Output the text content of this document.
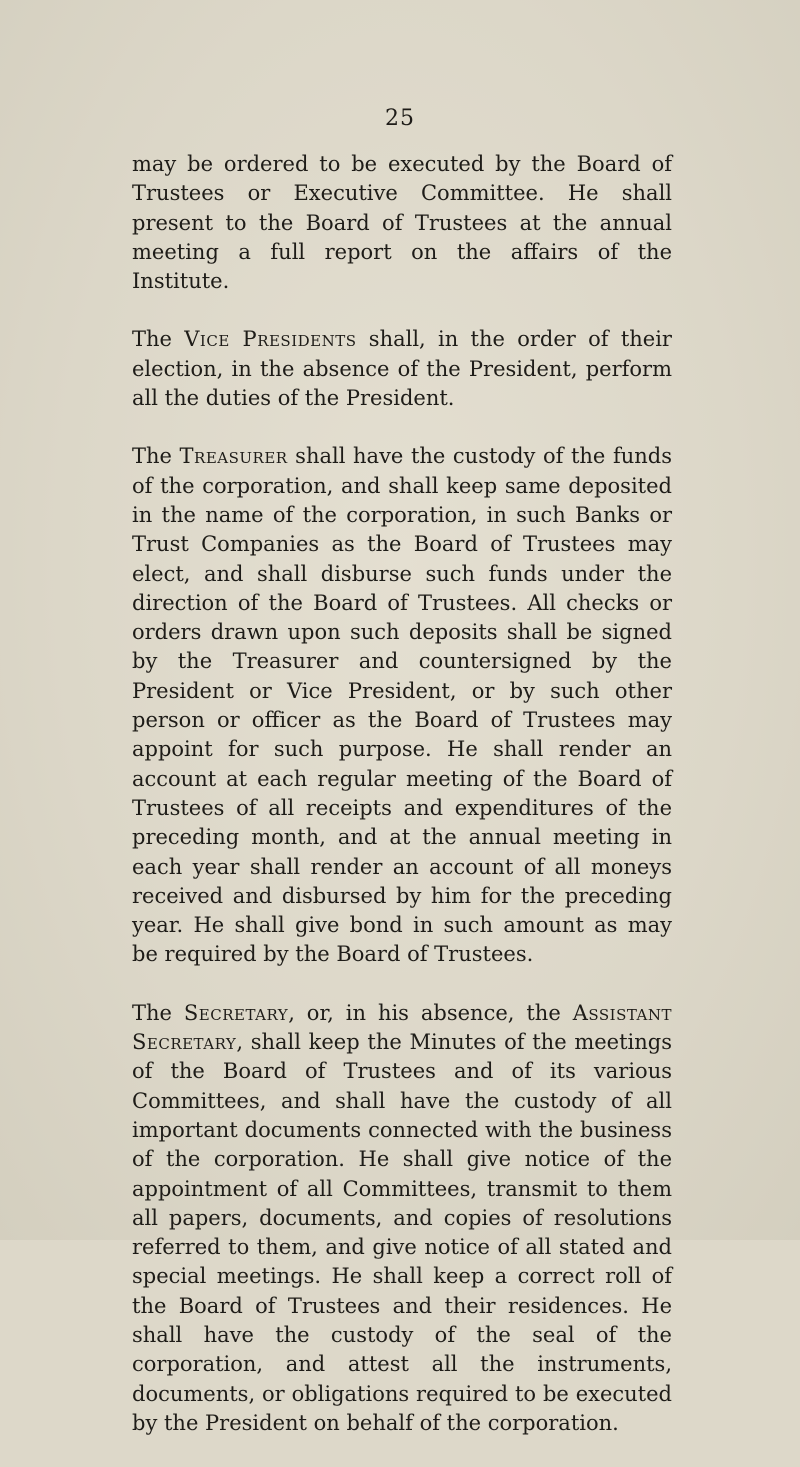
25

may be ordered to be executed by the Board of Trustees or Executive Committee. He shall present to the Board of Trustees at the annual meeting a full report on the affairs of the Institute.

The Vice Presidents shall, in the order of their election, in the absence of the President, perform all the duties of the President.

The Treasurer shall have the custody of the funds of the corporation, and shall keep same deposited in the name of the corporation, in such Banks or Trust Companies as the Board of Trustees may elect, and shall disburse such funds under the direction of the Board of Trustees. All checks or orders drawn upon such deposits shall be signed by the Treasurer and countersigned by the President or Vice President, or by such other person or officer as the Board of Trustees may appoint for such purpose. He shall render an account at each regular meeting of the Board of Trustees of all receipts and expenditures of the preceding month, and at the annual meeting in each year shall render an account of all moneys received and disbursed by him for the preceding year. He shall give bond in such amount as may be required by the Board of Trustees.

The Secretary, or, in his absence, the Assistant Secretary, shall keep the Minutes of the meetings of the Board of Trustees and of its various Committees, and shall have the custody of all important documents connected with the business of the corporation. He shall give notice of the appointment of all Committees, transmit to them all papers, documents, and copies of resolutions referred to them, and give notice of all stated and special meetings. He shall keep a correct roll of the Board of Trustees and their residences. He shall have the custody of the seal of the corporation, and attest all the instruments, documents, or obligations required to be executed by the President on behalf of the corporation.
